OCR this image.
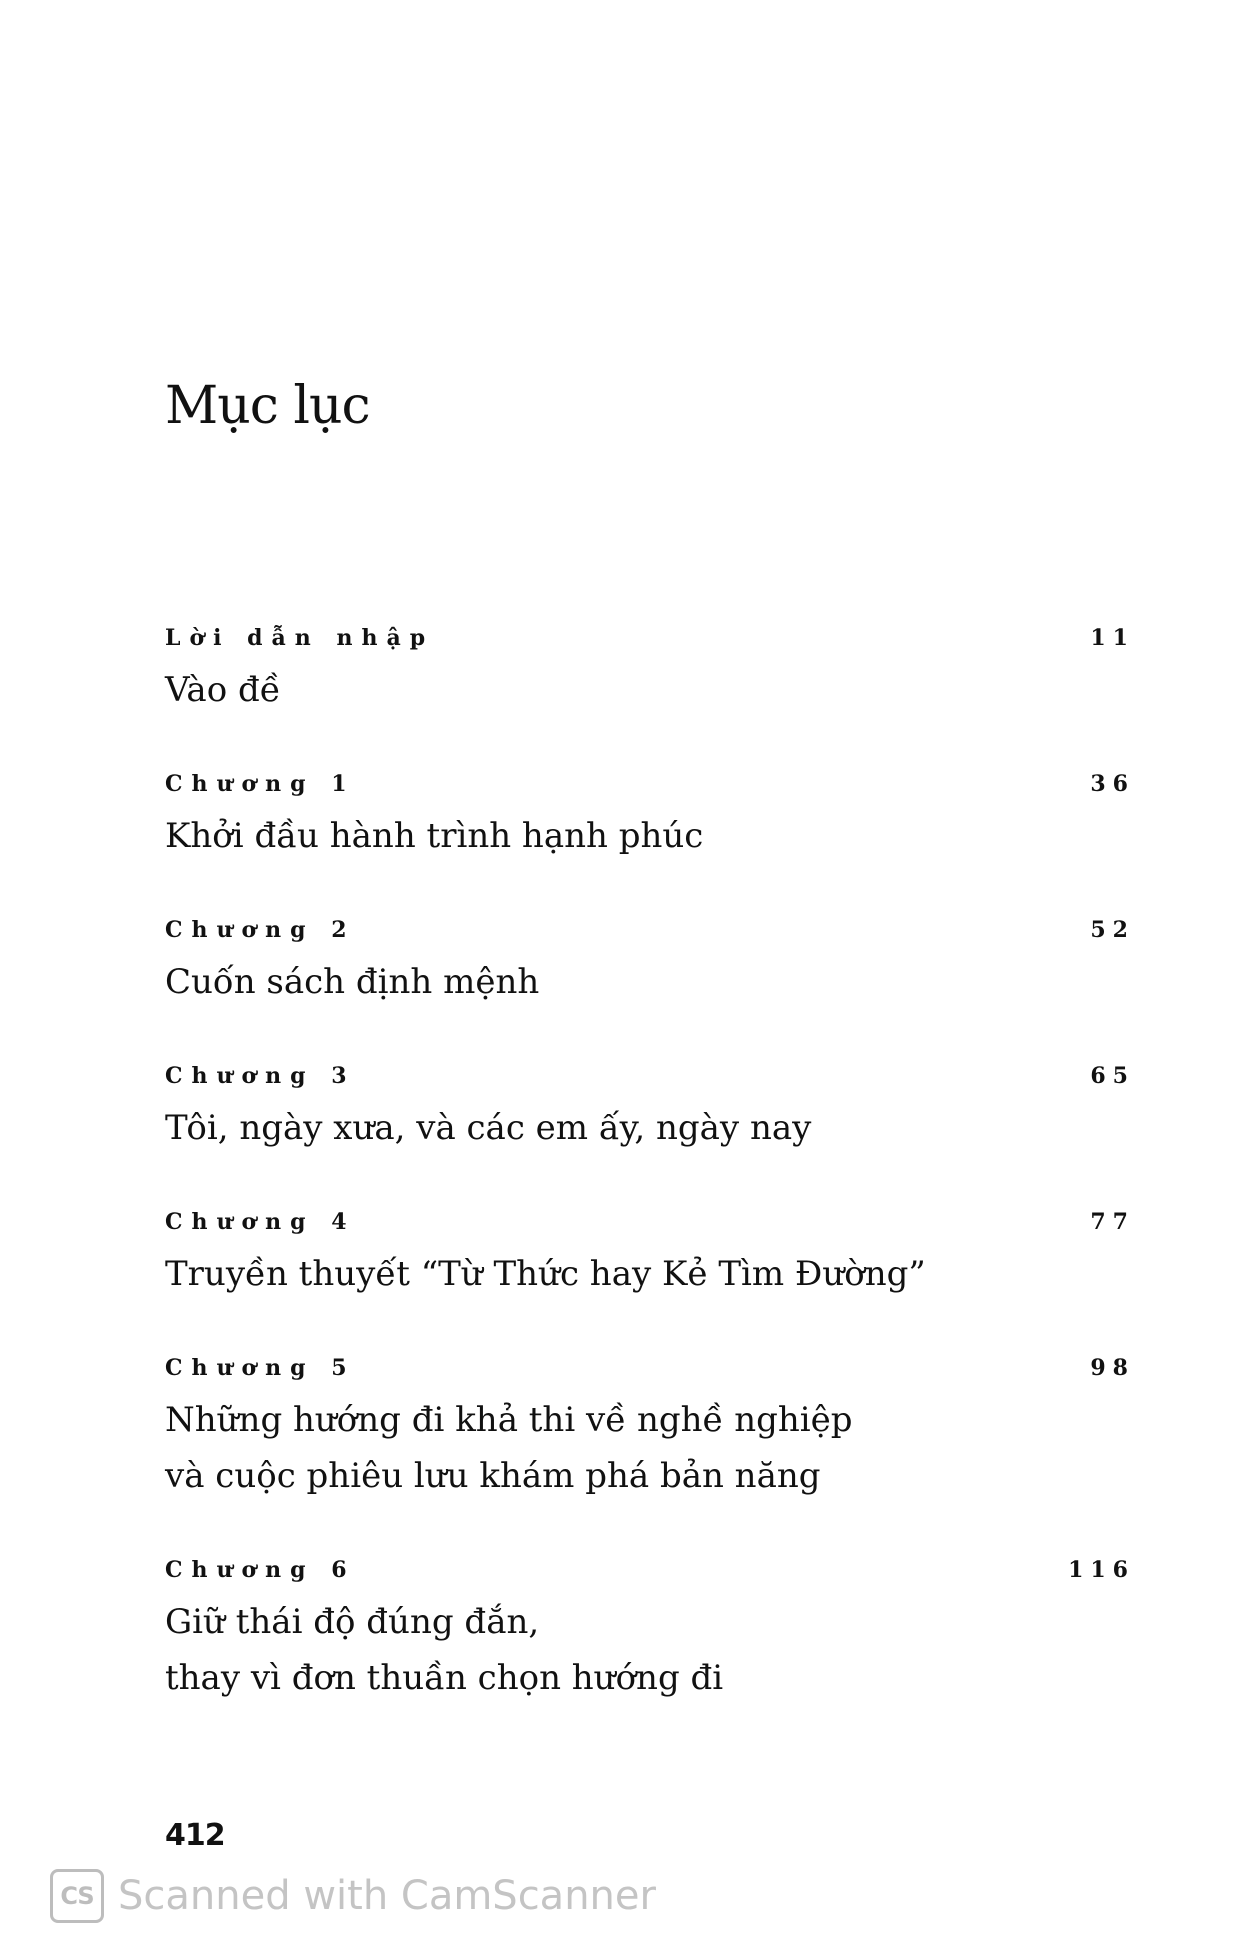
Mục lục
Lời dẫn nhập	11
Vào đề
Chương 1	36
Khởi đầu hành trình hạnh phúc
Chương 2	52
Cuốn sách định mệnh
Chương 3	65
Tôi, ngày xưa, và các em ấy, ngày nay
Chương 4	77
Truyền thuyết “Từ Thức hay Kẻ Tìm Đường”
Chương 5	98
Những hướng đi khả thi về nghề nghiệp
và cuộc phiêu lưu khám phá bản năng
Chương 6	116
Giữ thái độ đúng đắn,
thay vì đơn thuần chọn hướng đi
412
CS Scanned with CamScanner
